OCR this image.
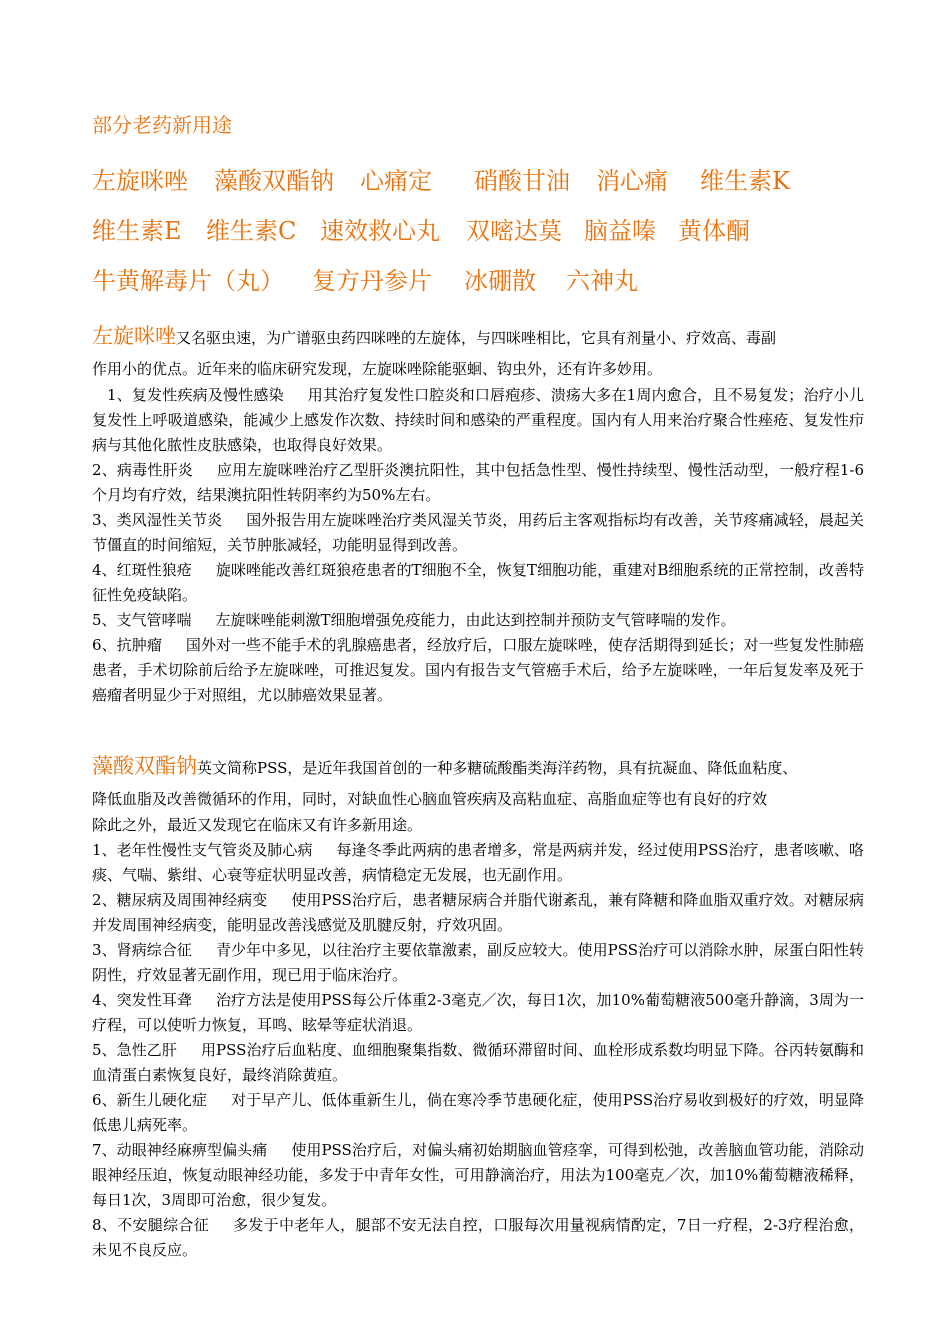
部分老药新用途
左旋咪唑	藻酸双酯钠	心痛定	硝酸甘油	消心痛	维生素K
维生素E	维生素C 速效救心丸	双嘧达莫 脑益嗪 黄体酮
牛黄解毒片（丸）	复方丹参片	冰硼散	六神丸
左旋咪唑又名驱虫速，为广谱驱虫药四咪唑的左旋体，与四咪唑相比，它具有剂量小、疗效高、毒副
作用小的优点。近年来的临床研究发现，左旋咪唑除能驱蛔、钩虫外，还有许多妙用。
1、复发性疾病及慢性感染 用其治疗复发性口腔炎和口唇疱疹、溃疡大多在1周内愈合，且不易复发；治疗小儿复发性上呼吸道感染，能减少上感发作次数、持续时间和感染的严重程度。国内有人用来治疗聚合性痤疮、复发性疖病与其他化脓性皮肤感染，也取得良好效果。
2、病毒性肝炎 应用左旋咪唑治疗乙型肝炎澳抗阳性，其中包括急性型、慢性持续型、慢性活动型，一般疗程1-6个月均有疗效，结果澳抗阳性转阴率约为50%左右。
3、类风湿性关节炎 国外报告用左旋咪唑治疗类风湿关节炎，用药后主客观指标均有改善，关节疼痛减轻，晨起关节僵直的时间缩短，关节肿胀减轻，功能明显得到改善。
4、红斑性狼疮 旋咪唑能改善红斑狼疮患者的T细胞不全，恢复T细胞功能，重建对B细胞系统的正常控制，改善特征性免疫缺陷。
5、支气管哮喘 左旋咪唑能刺激T细胞增强免疫能力，由此达到控制并预防支气管哮喘的发作。
6、抗肿瘤 国外对一些不能手术的乳腺癌患者，经放疗后，口服左旋咪唑，使存活期得到延长；对一些复发性肺癌患者，手术切除前后给予左旋咪唑，可推迟复发。国内有报告支气管癌手术后，给予左旋咪唑，一年后复发率及死于癌瘤者明显少于对照组，尤以肺癌效果显著。
藻酸双酯钠英文简称PSS，是近年我国首创的一种多糖硫酸酯类海洋药物，具有抗凝血、降低血粘度、
降低血脂及改善微循环的作用，同时，对缺血性心脑血管疾病及高粘血症、高脂血症等也有良好的疗效
除此之外，最近又发现它在临床又有许多新用途。
1、老年性慢性支气管炎及肺心病 每逢冬季此两病的患者增多，常是两病并发，经过使用PSS治疗，患者咳嗽、咯痰、气喘、紫绀、心衰等症状明显改善，病情稳定无发展，也无副作用。
2、糖尿病及周围神经病变 使用PSS治疗后，患者糖尿病合并脂代谢紊乱，兼有降糖和降血脂双重疗效。对糖尿病并发周围神经病变，能明显改善浅感觉及肌腱反射，疗效巩固。
3、肾病综合征 青少年中多见，以往治疗主要依靠激素，副反应较大。使用PSS治疗可以消除水肿，尿蛋白阳性转阴性，疗效显著无副作用，现已用于临床治疗。
4、突发性耳聋 治疗方法是使用PSS每公斤体重2-3毫克／次，每日1次，加10%葡萄糖液500毫升静滴，3周为一疗程，可以使听力恢复，耳鸣、眩晕等症状消退。
5、急性乙肝 用PSS治疗后血粘度、血细胞聚集指数、微循环滞留时间、血栓形成系数均明显下降。谷丙转氨酶和血清蛋白素恢复良好，最终消除黄疸。
6、新生儿硬化症 对于早产儿、低体重新生儿，倘在寒冷季节患硬化症，使用PSS治疗易收到极好的疗效，明显降低患儿病死率。
7、动眼神经麻痹型偏头痛 使用PSS治疗后，对偏头痛初始期脑血管痉挛，可得到松弛，改善脑血管功能，消除动眼神经压迫，恢复动眼神经功能，多发于中青年女性，可用静滴治疗，用法为100毫克／次，加10%葡萄糖液稀释，每日1次，3周即可治愈，很少复发。
8、不安腿综合征 多发于中老年人，腿部不安无法自控，口服每次用量视病情酌定，7日一疗程，2-3疗程治愈，未见不良反应。
